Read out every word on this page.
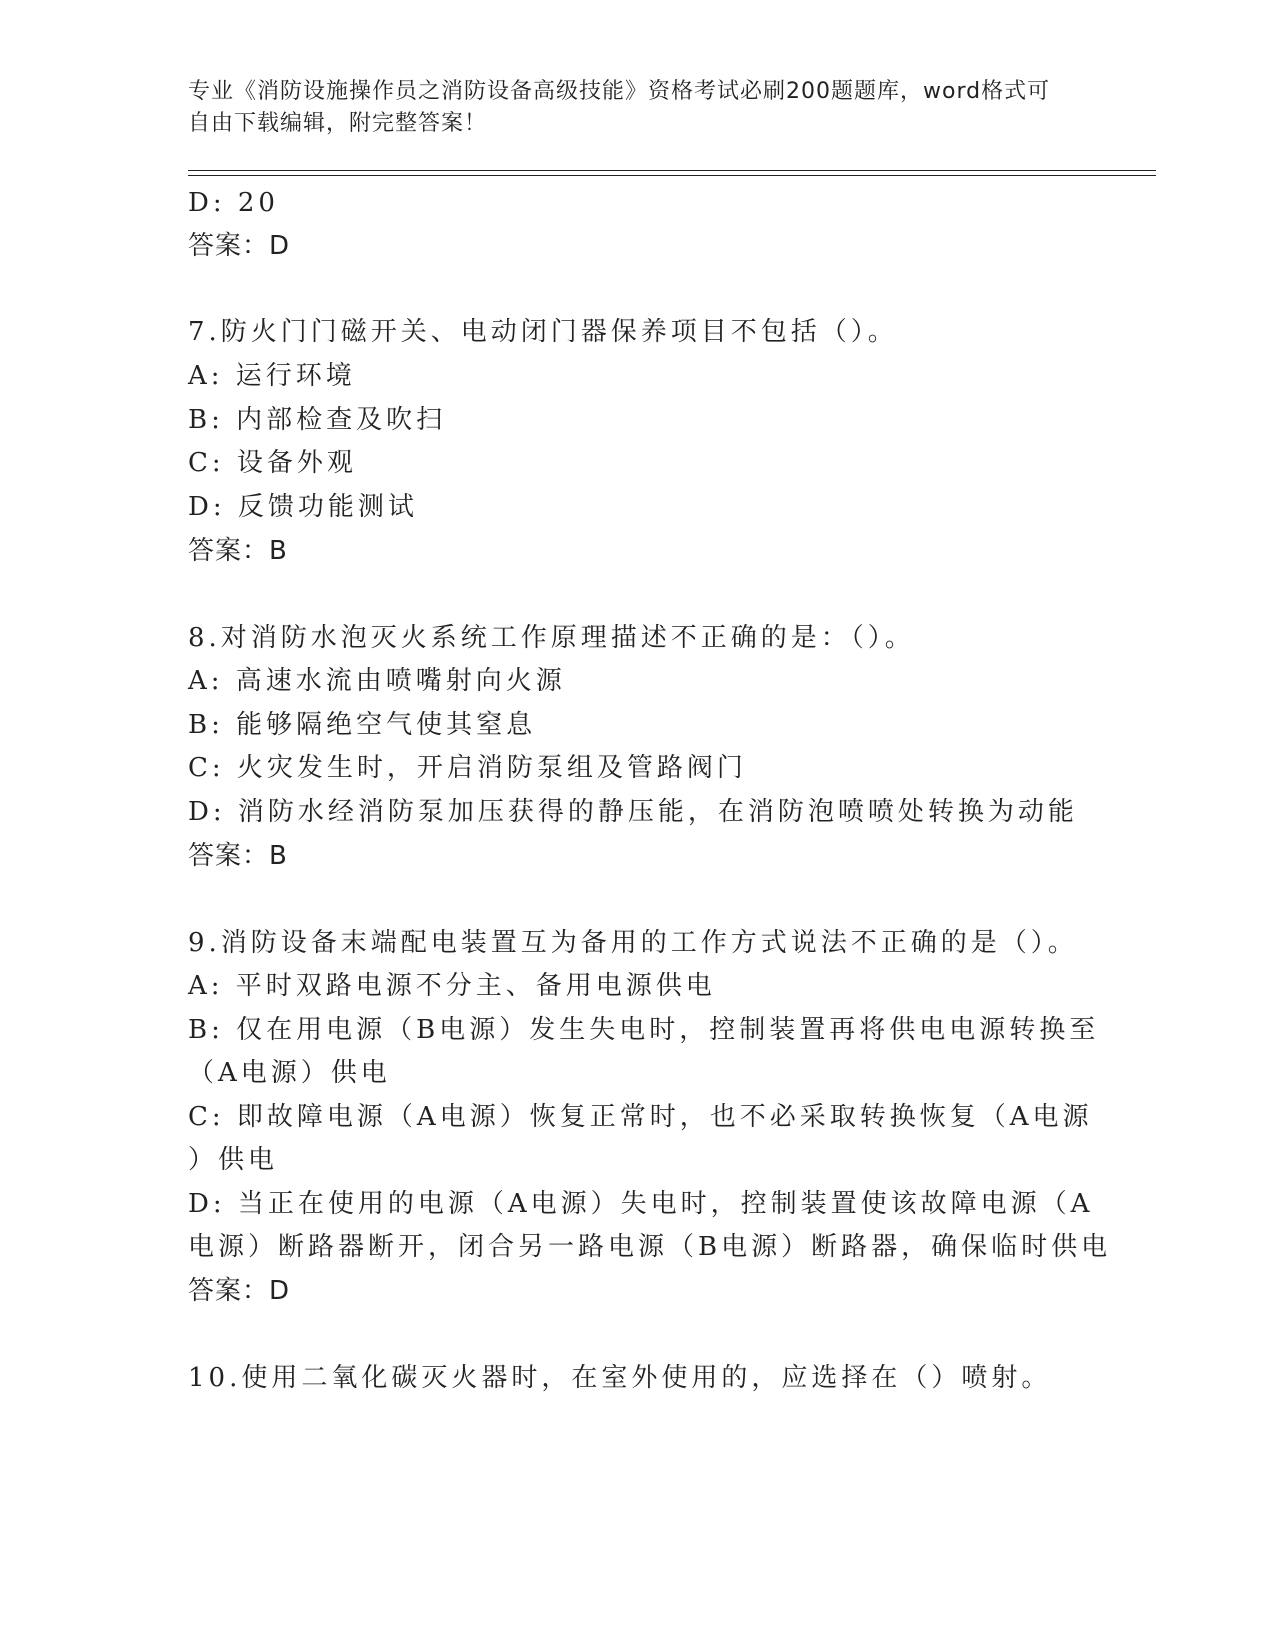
专业《消防设施操作员之消防设备高级技能》资格考试必刷200题题库，word格式可自由下载编辑，附完整答案！
D: 20
答案：D
7.防火门门磁开关、电动闭门器保养项目不包括（）。
A: 运行环境
B: 内部检查及吹扫
C: 设备外观
D: 反馈功能测试
答案：B
8.对消防水泡灭火系统工作原理描述不正确的是：（）。
A: 高速水流由喷嘴射向火源
B: 能够隔绝空气使其窒息
C: 火灾发生时，开启消防泵组及管路阀门
D: 消防水经消防泵加压获得的静压能，在消防泡喷喷处转换为动能
答案：B
9.消防设备末端配电装置互为备用的工作方式说法不正确的是（）。
A: 平时双路电源不分主、备用电源供电
B: 仅在用电源（B电源）发生失电时，控制装置再将供电电源转换至
（A电源）供电
C: 即故障电源（A电源）恢复正常时，也不必采取转换恢复（A电源
）供电
D: 当正在使用的电源（A电源）失电时，控制装置使该故障电源（A
电源）断路器断开，闭合另一路电源（B电源）断路器，确保临时供电
答案：D
10.使用二氧化碳灭火器时，在室外使用的，应选择在（）喷射。
